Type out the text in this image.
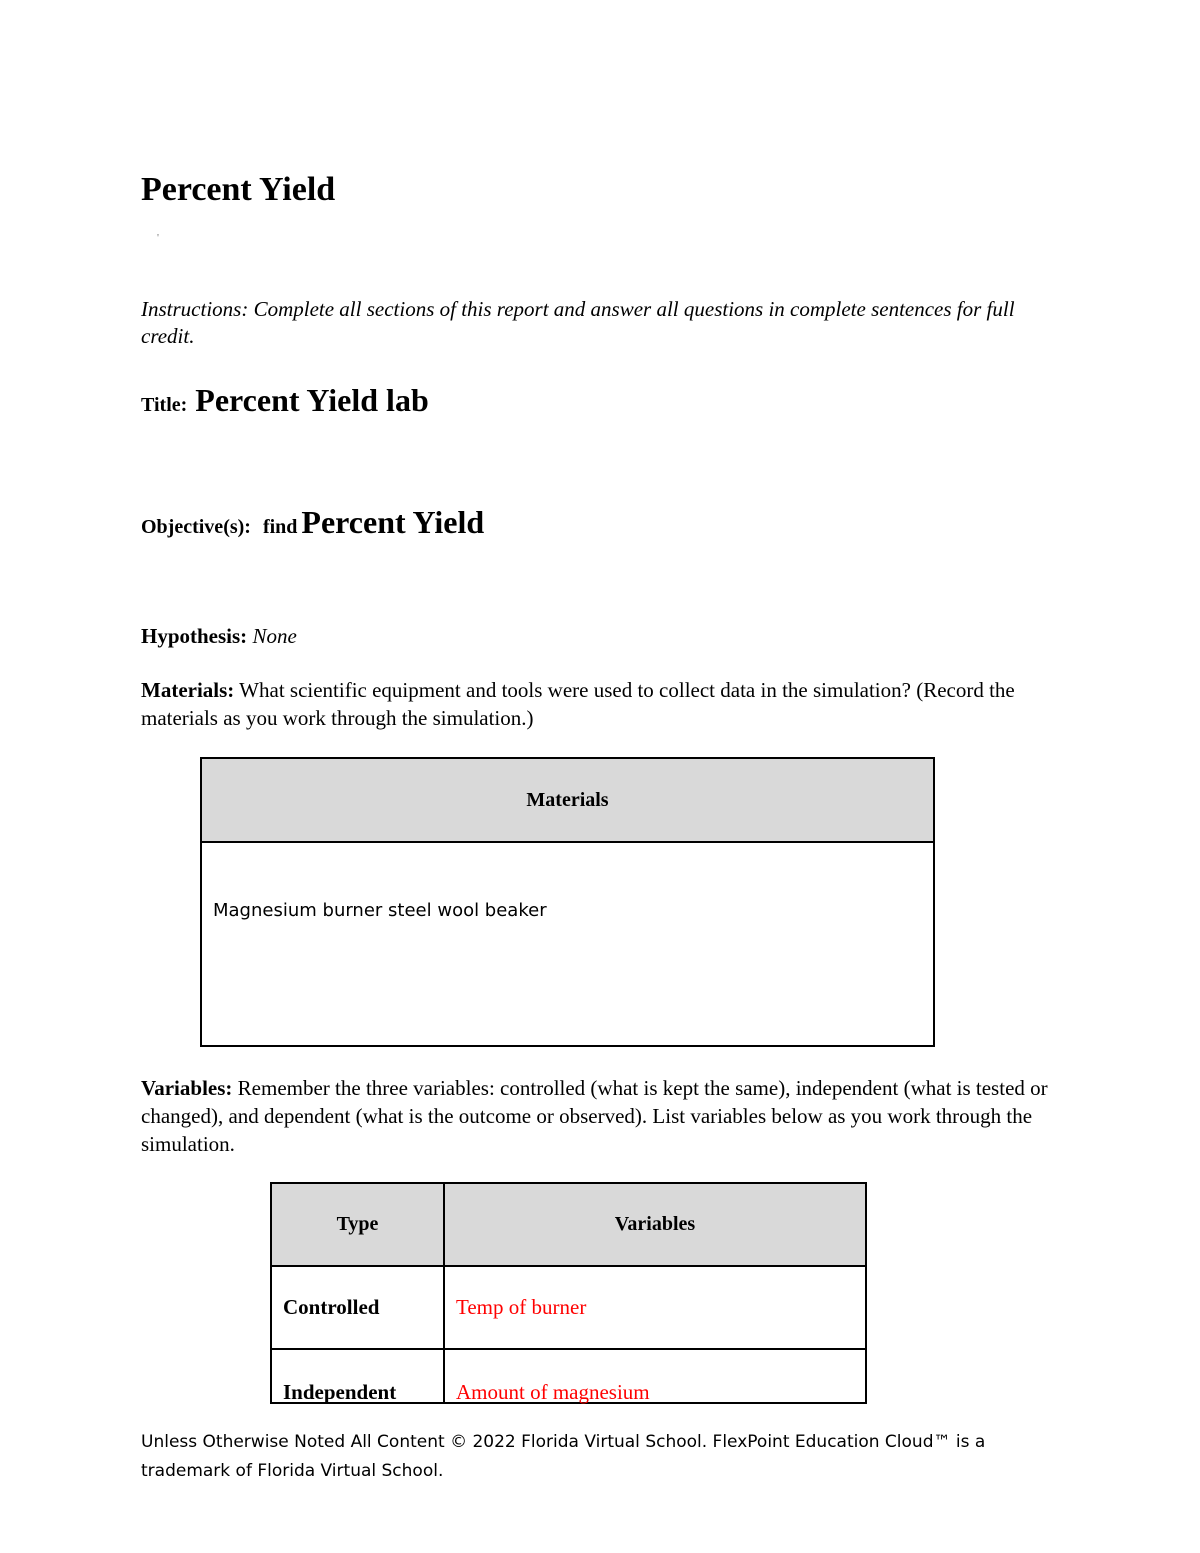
Percent Yield
'

Instructions: Complete all sections of this report and answer all questions in complete sentences for full credit.

Title: Percent Yield lab
Objective(s): find Percent Yield
Hypothesis: None

Materials: What scientific equipment and tools were used to collect data in the simulation? (Record the materials as you work through the simulation.)

Materials

Magnesium burner steel wool beaker

Variables: Remember the three variables: controlled (what is kept the same), independent (what is tested or changed), and dependent (what is the outcome or observed). List variables below as you work through the simulation.

Type	Variables
Controlled	Temp of burner
Independent	Amount of magnesium

Unless Otherwise Noted All Content © 2022 Florida Virtual School. FlexPoint Education Cloud™ is a trademark of Florida Virtual School.
